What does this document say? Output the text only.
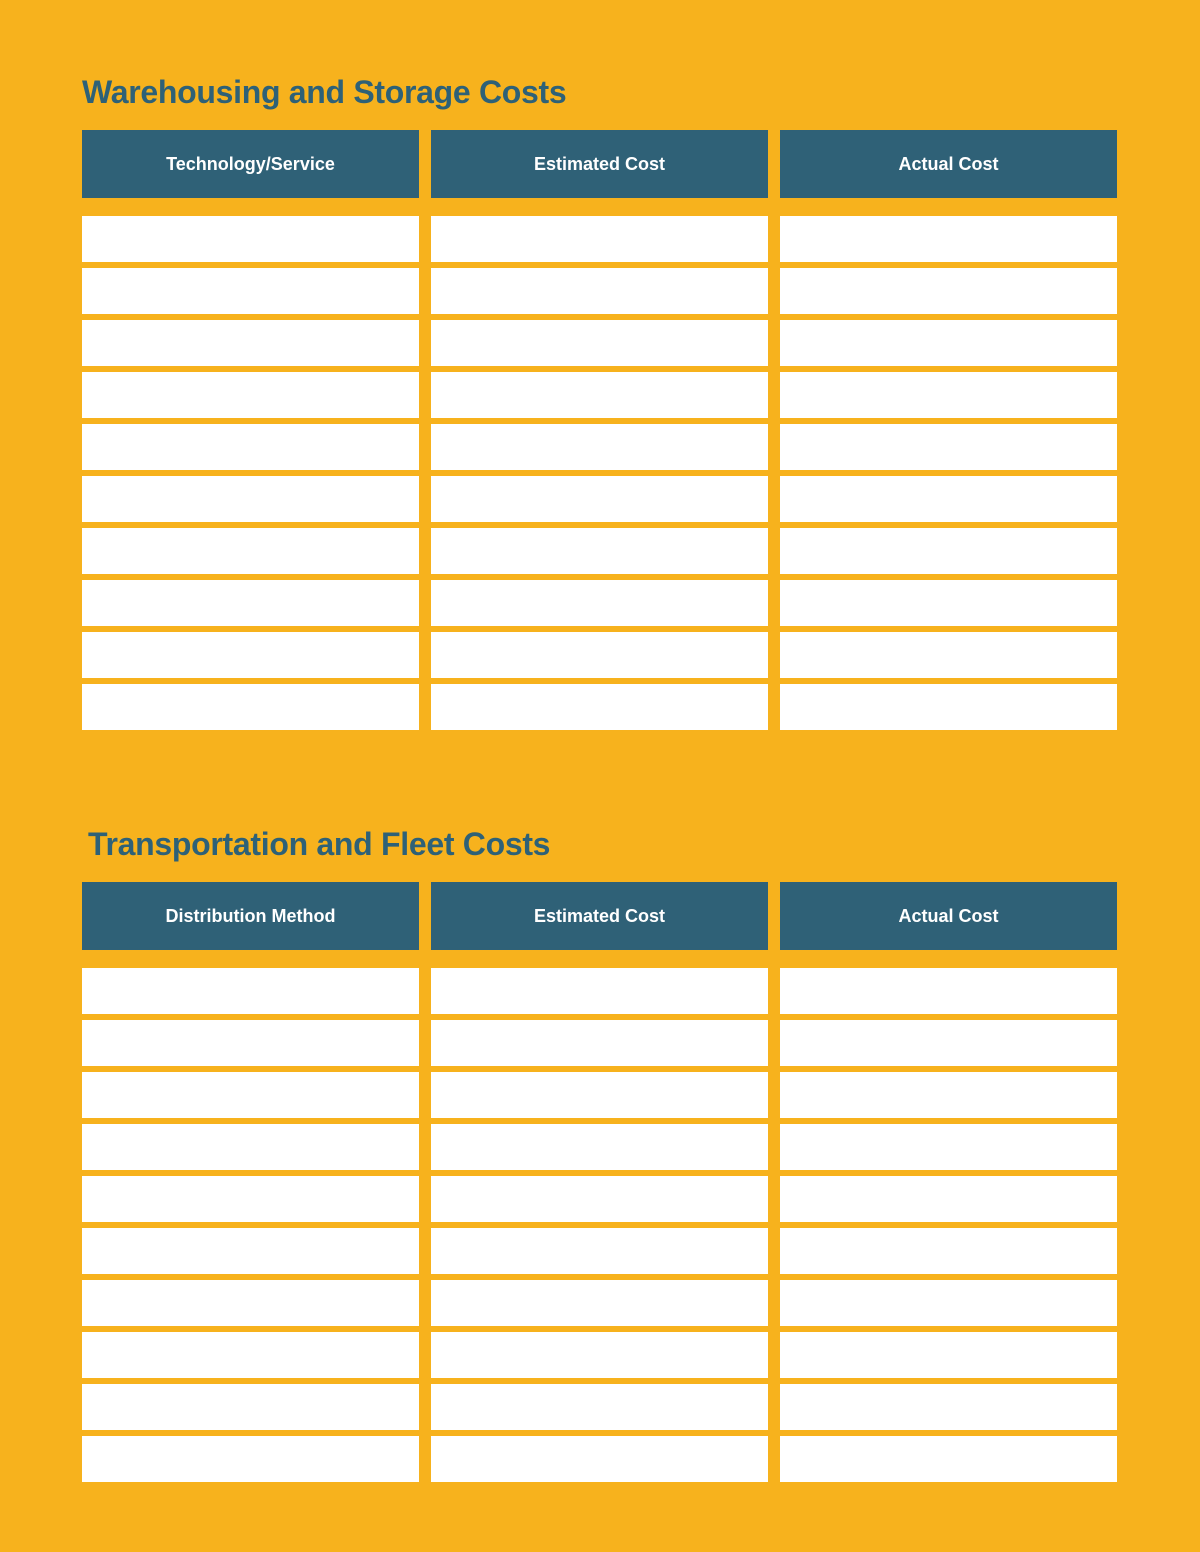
Warehousing and Storage Costs
Technology/Service	Estimated Cost	Actual Cost
Transportation and Fleet Costs
Distribution Method	Estimated Cost	Actual Cost
